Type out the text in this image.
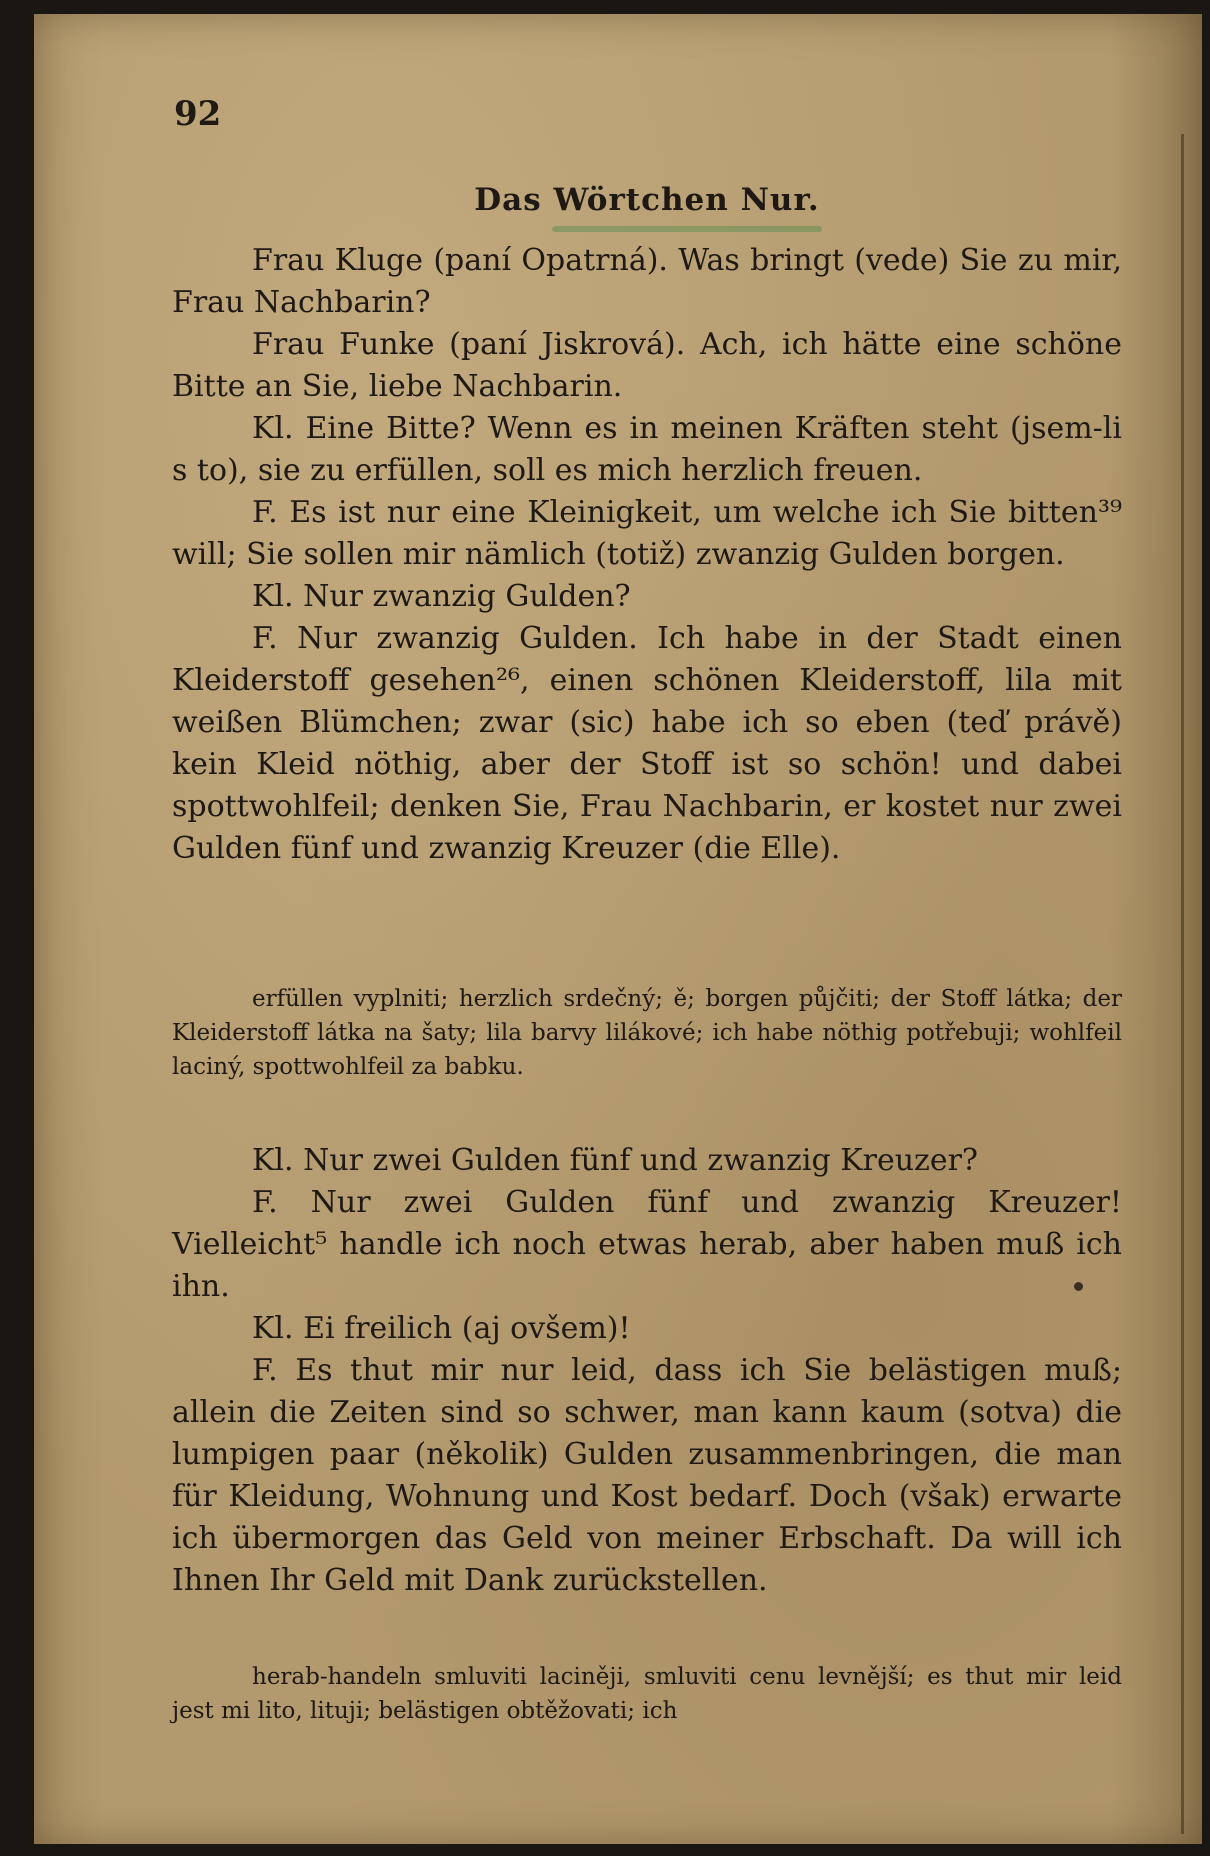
92
Das Wörtchen Nur.

Frau Kluge (paní Opatrná). Was bringt (vede) Sie zu mir, Frau Nachbarin?

Frau Funke (paní Jiskrová). Ach, ich hätte eine schöne Bitte an Sie, liebe Nachbarin.

Kl. Eine Bitte? Wenn es in meinen Kräften steht (jsem-li s to), sie zu erfüllen, soll es mich herzlich freuen.

F. Es ist nur eine Kleinigkeit, um welche ich Sie bitten³⁹ will; Sie sollen mir nämlich (totiž) zwanzig Gulden borgen.

Kl. Nur zwanzig Gulden?

F. Nur zwanzig Gulden. Ich habe in der Stadt einen Kleiderstoff gesehen²⁶, einen schönen Kleiderstoff, lila mit weißen Blümchen; zwar (sic) habe ich so eben (teď právě) kein Kleid nöthig, aber der Stoff ist so schön! und dabei spottwohlfeil; denken Sie, Frau Nachbarin, er kostet nur zwei Gulden fünf und zwanzig Kreuzer (die Elle).

erfüllen vyplniti; herzlich srdečný; ě; borgen půjčiti; der Stoff látka; der Kleiderstoff látka na šaty; lila barvy lilákové; ich habe nöthig potřebuji; wohlfeil laciný, spottwohlfeil za babku.

Kl. Nur zwei Gulden fünf und zwanzig Kreuzer?

F. Nur zwei Gulden fünf und zwanzig Kreuzer! Vielleicht⁵ handle ich noch etwas herab, aber haben muß ich ihn.

Kl. Ei freilich (aj ovšem)!

F. Es thut mir nur leid, dass ich Sie belästigen muß; allein die Zeiten sind so schwer, man kann kaum (sotva) die lumpigen paar (několik) Gulden zusammenbringen, die man für Kleidung, Wohnung und Kost bedarf. Doch (však) erwarte ich übermorgen das Geld von meiner Erbschaft. Da will ich Ihnen Ihr Geld mit Dank zurückstellen.

herab-handeln smluviti laciněji, smluviti cenu levnější; es thut mir leid jest mi lito, lituji; belästigen obtěžovati; ich
